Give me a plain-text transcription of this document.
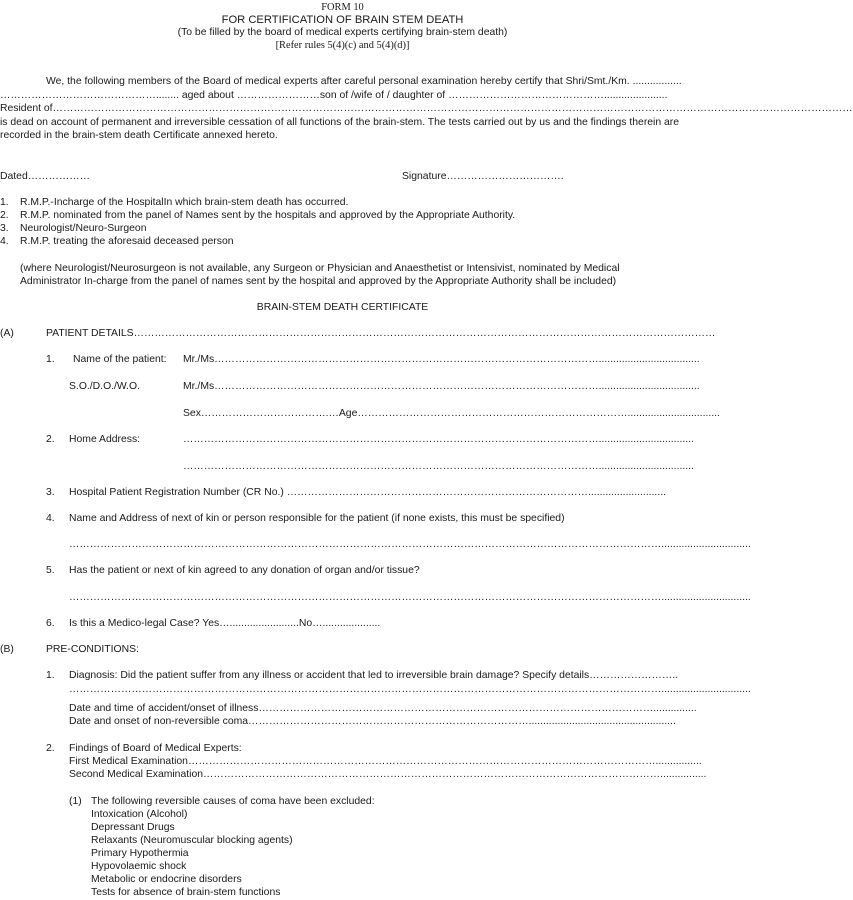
FORM 10
FOR CERTIFICATION OF BRAIN STEM DEATH
(To be filled by the board of medical experts certifying brain-stem death)
[Refer rules 5(4)(c) and 5(4)(d)]
We, the following members of the Board of medical experts after careful personal examination hereby certify that Shri/Smt./Km. .................
………………………………………........ aged about ……………………son of /wife of / daughter of ………………………………………......................
Resident of……………………………………………………………………………………………………………………………………………………………………………………………………………
is dead on account of permanent and irreversible cessation of all functions of the brain-stem. The tests carried out by us and the findings therein are
recorded in the brain-stem death Certificate annexed hereto.
Dated………………	Signature…………………………….
1. R.M.P.-Incharge of the HospitalIn which brain-stem death has occurred.
2. R.M.P. nominated from the panel of Names sent by the hospitals and approved by the Appropriate Authority.
3. Neurologist/Neuro-Surgeon
4. R.M.P. treating the aforesaid deceased person
(where Neurologist/Neurosurgeon is not available, any Surgeon or Physician and Anaesthetist or Intensivist, nominated by Medical
Administrator In-charge from the panel of names sent by the hospital and approved by the Appropriate Authority shall be included)
BRAIN-STEM DEATH CERTIFICATE
(A)	PATIENT DETAILS……………………………………………………………………………………………………………………………………………………
1. Name of the patient: Mr./Ms…………………………………………………………………………………………………...................................
S.O./D.O./W.O.	Mr./Ms…………………………………………………………………………………………………...................................
Sex……………………………….…Age……………………………………………………………………................................
2. Home Address:	………………………………………………………………………………………………………….................................
………………………………………………………………………………………………………….................................
3. Hospital Patient Registration Number (CR No.) ……………………………………………………………………………...........................
4. Name and Address of next of kin or person responsible for the patient (if none exists, this must be specified)
………………………………………………………………………………………………………………………………………………………...............................
5. Has the patient or next of kin agreed to any donation of organ and/or tissue?
………………………………………………………………………………………………………………………………………………………...............................
6. Is this a Medico-legal Case? Yes…........................No…....................
(B)	PRE-CONDITIONS:
1. Diagnosis: Did the patient suffer from any illness or accident that led to irreversible brain damage? Specify details……………………..
………………………………………………………………………………………………………………………………………………………...............................
Date and time of accident/onset of illness……………………………………………………………………………………………………...............
Date and onset of non-reversible coma………………………………………………………………………...................................................
2. Findings of Board of Medical Experts:
First Medical Examination………………………………………………………………………………………………………………………................
Second Medical Examination……………………………………………………………………………………………………………………................
(1) The following reversible causes of coma have been excluded:
Intoxication (Alcohol)
Depressant Drugs
Relaxants (Neuromuscular blocking agents)
Primary Hypothermia
Hypovolaemic shock
Metabolic or endocrine disorders
Tests for absence of brain-stem functions
